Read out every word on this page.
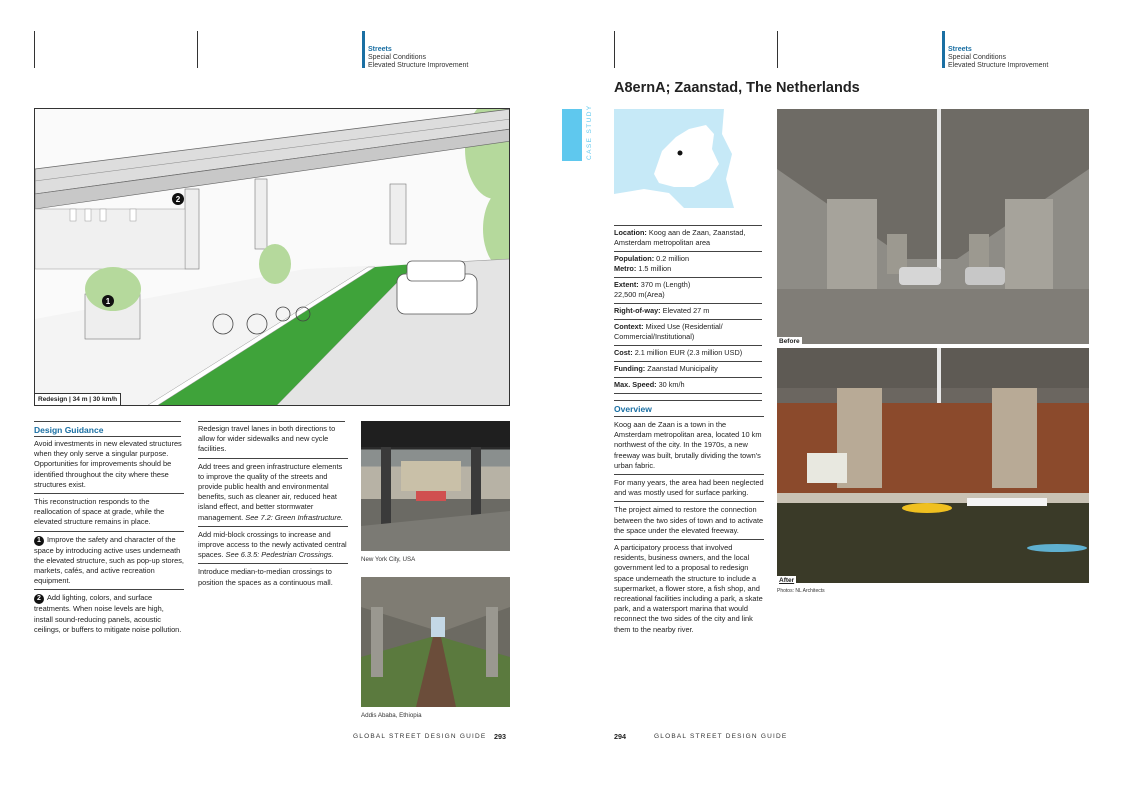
Streets
Special Conditions
Elevated Structure Improvement
1
2
Redesign | 34 m | 30 km/h
Design Guidance

Avoid investments in new elevated structures when they only serve a singular purpose. Opportunities for improvements should be identified throughout the city where these structures exist.

This reconstruction responds to the reallocation of space at grade, while the elevated structure remains in place.

1 Improve the safety and character of the space by introducing active uses underneath the elevated structure, such as pop-up stores, markets, cafés, and active recreation equipment.

2 Add lighting, colors, and surface treatments. When noise levels are high, install sound-reducing panels, acoustic ceilings, or buffers to mitigate noise pollution.

Redesign travel lanes in both directions to allow for wider sidewalks and new cycle facilities.

Add trees and green infrastructure elements to improve the quality of the streets and provide public health and environmental benefits, such as cleaner air, reduced heat island effect, and better stormwater management. See 7.2: Green Infrastructure.

Add mid-block crossings to increase and improve access to the newly activated central spaces. See 6.3.5: Pedestrian Crossings.

Introduce median-to-median crossings to position the spaces as a continuous mall.

New York City, USA
Addis Ababa, Ethiopia
GLOBAL STREET DESIGN GUIDE 293
Streets
Special Conditions
Elevated Structure Improvement
A8ernA; Zaanstad, The Netherlands
CASE STUDY
Location: Koog aan de Zaan, Zaanstad, Amsterdam metropolitan area
Population: 0.2 million
Metro: 1.5 million
Extent: 370 m (Length)
22,500 m(Area)
Right-of-way: Elevated 27 m
Context: Mixed Use (Residential/ Commercial/Institutional)
Cost: 2.1 million EUR (2.3 million USD)
Funding: Zaanstad Municipality
Max. Speed: 30 km/h
Overview

Koog aan de Zaan is a town in the Amsterdam metropolitan area, located 10 km northwest of the city. In the 1970s, a new freeway was built, brutally dividing the town's urban fabric.

For many years, the area had been neglected and was mostly used for surface parking.

The project aimed to restore the connection between the two sides of town and to activate the space under the elevated freeway.

A participatory process that involved residents, business owners, and the local government led to a proposal to redesign space underneath the structure to include a supermarket, a flower store, a fish shop, and recreational facilities including a park, a skate park, and a watersport marina that would reconnect the two sides of the city and link them to the nearby river.

Before
After
Photos: NL Architects
294	GLOBAL STREET DESIGN GUIDE
